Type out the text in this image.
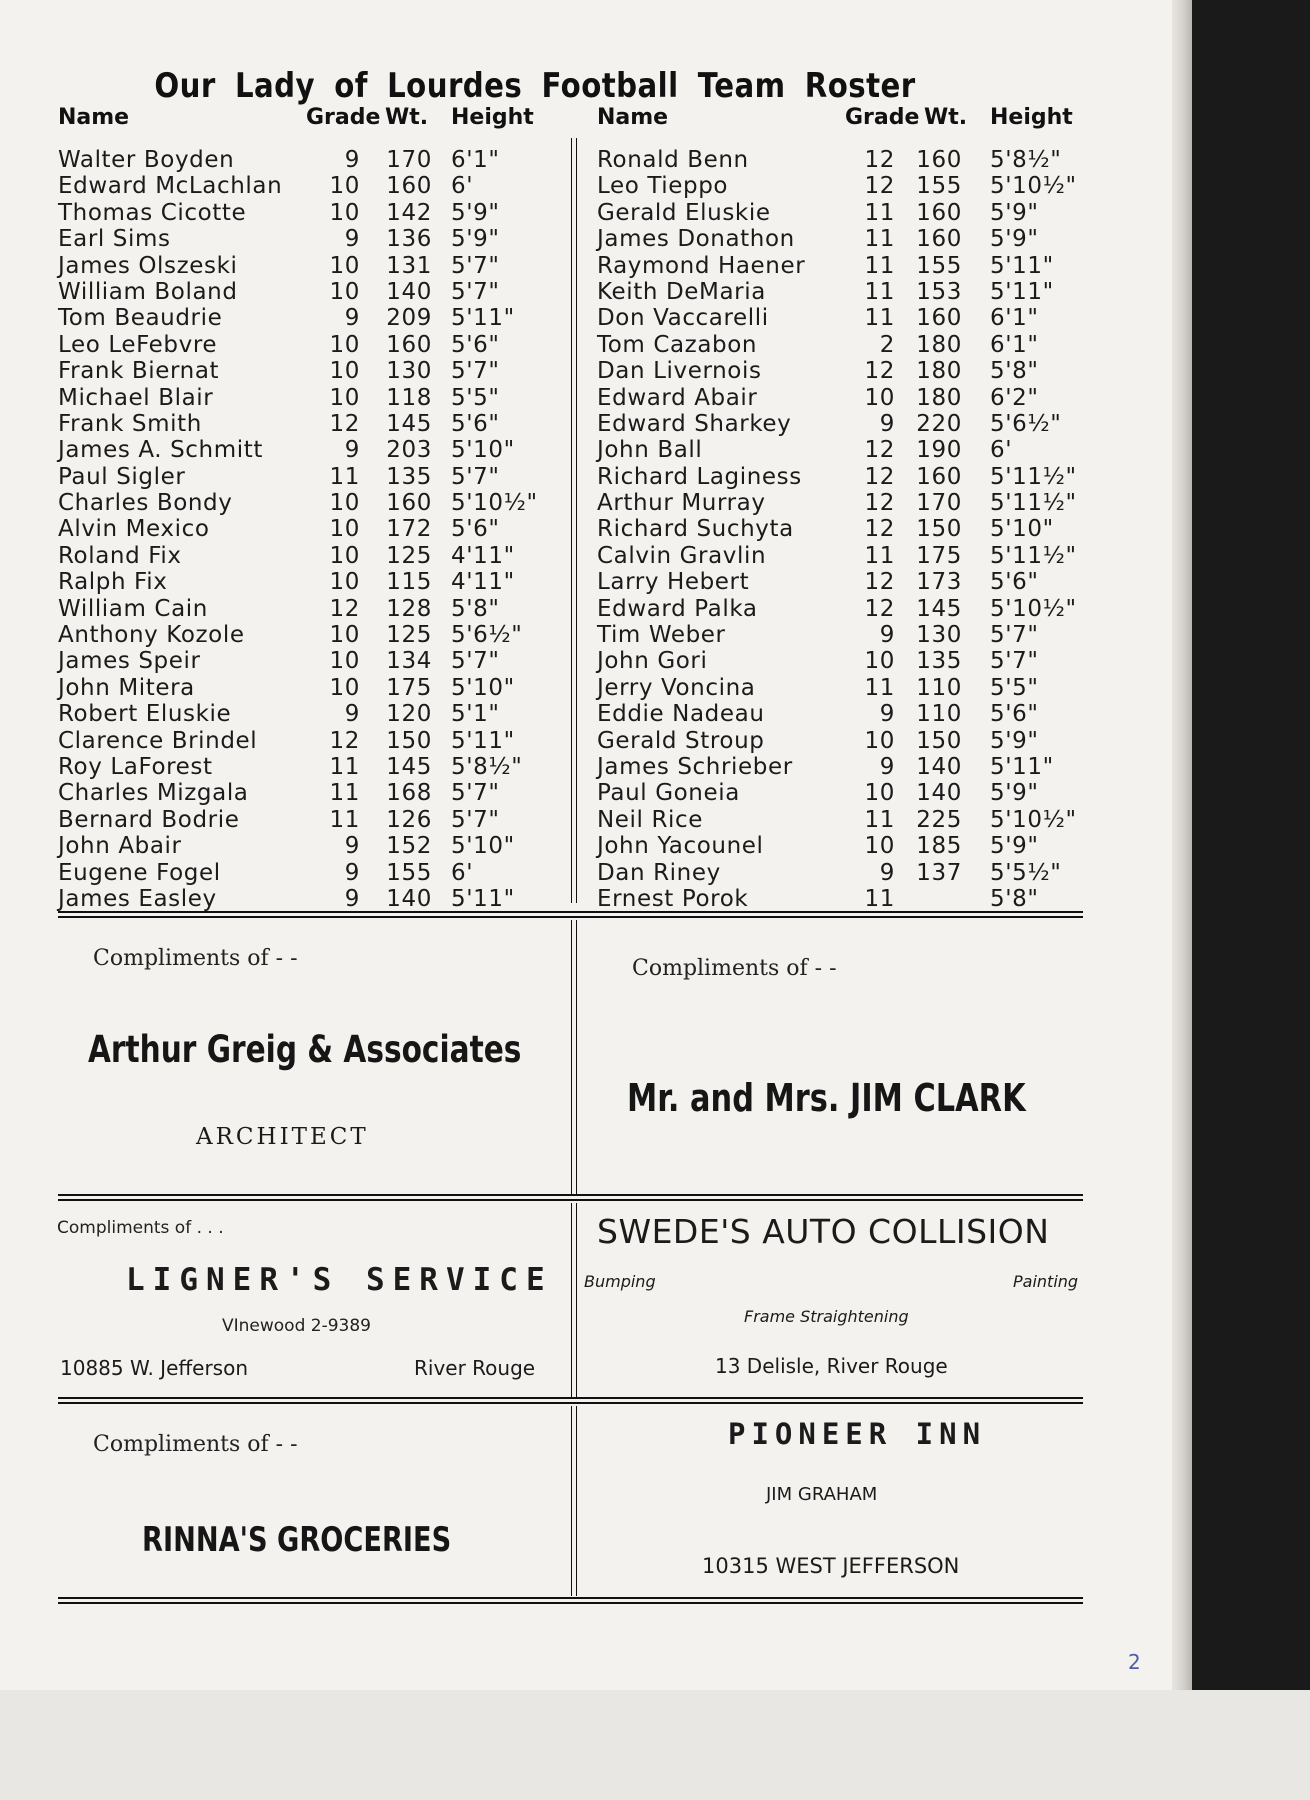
Our Lady of Lourdes Football Team Roster
Name	Grade Wt. Height
Walter Boyden	9 170 6'1"
Edward McLachlan	10 160 6'
Thomas Cicotte	10 142 5'9"
Earl Sims	9 136 5'9"
James Olszeski	10 131 5'7"
William Boland	10 140 5'7"
Tom Beaudrie	9 209 5'11"
Leo LeFebvre	10 160 5'6"
Frank Biernat	10 130 5'7"
Michael Blair	10 118 5'5"
Frank Smith	12 145 5'6"
James A. Schmitt	9 203 5'10"
Paul Sigler	11 135 5'7"
Charles Bondy	10 160 5'10½"
Alvin Mexico	10 172 5'6"
Roland Fix	10 125 4'11"
Ralph Fix	10 115 4'11"
William Cain	12 128 5'8"
Anthony Kozole	10 125 5'6½"
James Speir	10 134 5'7"
John Mitera	10 175 5'10"
Robert Eluskie	9 120 5'1"
Clarence Brindel	12 150 5'11"
Roy LaForest	11 145 5'8½"
Charles Mizgala	11 168 5'7"
Bernard Bodrie	11 126 5'7"
John Abair	9 152 5'10"
Eugene Fogel	9 155 6'
James Easley	9 140 5'11"
Name	Grade Wt. Height
Ronald Benn	12 160 5'8½"
Leo Tieppo	12 155 5'10½"
Gerald Eluskie	11 160 5'9"
James Donathon	11 160 5'9"
Raymond Haener	11 155 5'11"
Keith DeMaria	11 153 5'11"
Don Vaccarelli	11 160 6'1"
Tom Cazabon	2 180 6'1"
Dan Livernois	12 180 5'8"
Edward Abair	10 180 6'2"
Edward Sharkey	9 220 5'6½"
John Ball	12 190 6'
Richard Laginess	12 160 5'11½"
Arthur Murray	12 170 5'11½"
Richard Suchyta	12 150 5'10"
Calvin Gravlin	11 175 5'11½"
Larry Hebert	12 173 5'6"
Edward Palka	12 145 5'10½"
Tim Weber	9 130 5'7"
John Gori	10 135 5'7"
Jerry Voncina	11 110 5'5"
Eddie Nadeau	9 110 5'6"
Gerald Stroup	10 150 5'9"
James Schrieber	9 140 5'11"
Paul Goneia	10 140 5'9"
Neil Rice	11 225 5'10½"
John Yacounel	10 185 5'9"
Dan Riney	9 137 5'5½"
Ernest Porok	11	5'8"
Compliments of - -
Arthur Greig & Associates
ARCHITECT
Compliments of - -
Mr. and Mrs. JIM CLARK
Compliments of . . .
LIGNER'S SERVICE
VInewood 2-9389
10885 W. Jefferson	River Rouge
SWEDE'S AUTO COLLISION
Bumping	Painting
Frame Straightening
13 Delisle, River Rouge
Compliments of - -
RINNA'S GROCERIES
PIONEER INN
JIM GRAHAM
10315 WEST JEFFERSON
2
